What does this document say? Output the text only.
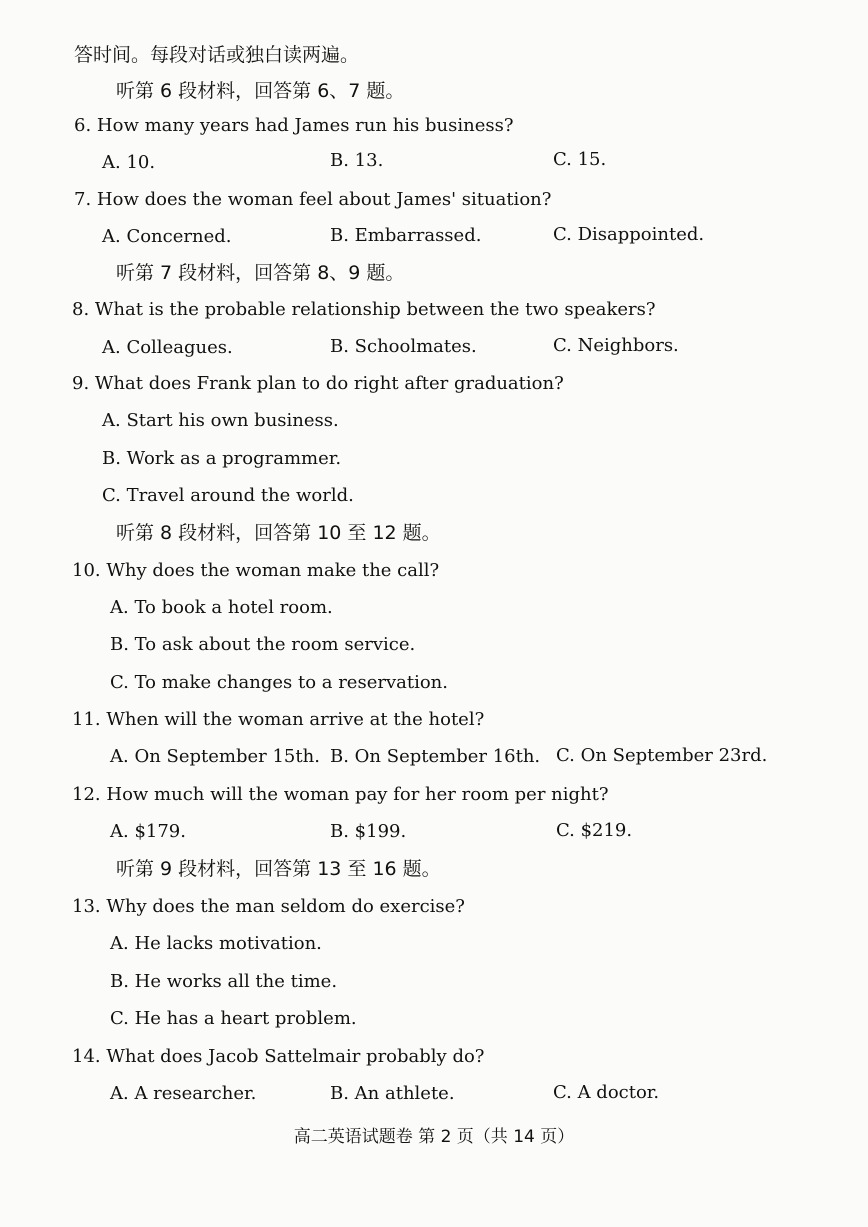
答时间。每段对话或独白读两遍。
听第 6 段材料，回答第 6、7 题。
6. How many years had James run his business?
A. 10.	B. 13.	C. 15.
7. How does the woman feel about James' situation?
A. Concerned.	B. Embarrassed.	C. Disappointed.
听第 7 段材料，回答第 8、9 题。
8. What is the probable relationship between the two speakers?
A. Colleagues.	B. Schoolmates.	C. Neighbors.
9. What does Frank plan to do right after graduation?
A. Start his own business.
B. Work as a programmer.
C. Travel around the world.
听第 8 段材料，回答第 10 至 12 题。
10. Why does the woman make the call?
A. To book a hotel room.
B. To ask about the room service.
C. To make changes to a reservation.
11. When will the woman arrive at the hotel?
A. On September 15th. B. On September 16th. C. On September 23rd.
12. How much will the woman pay for her room per night?
A. $179.	B. $199.	C. $219.
听第 9 段材料，回答第 13 至 16 题。
13. Why does the man seldom do exercise?
A. He lacks motivation.
B. He works all the time.
C. He has a heart problem.
14. What does Jacob Sattelmair probably do?
A. A researcher.	B. An athlete.	C. A doctor.
高二英语试题卷 第 2 页（共 14 页）
